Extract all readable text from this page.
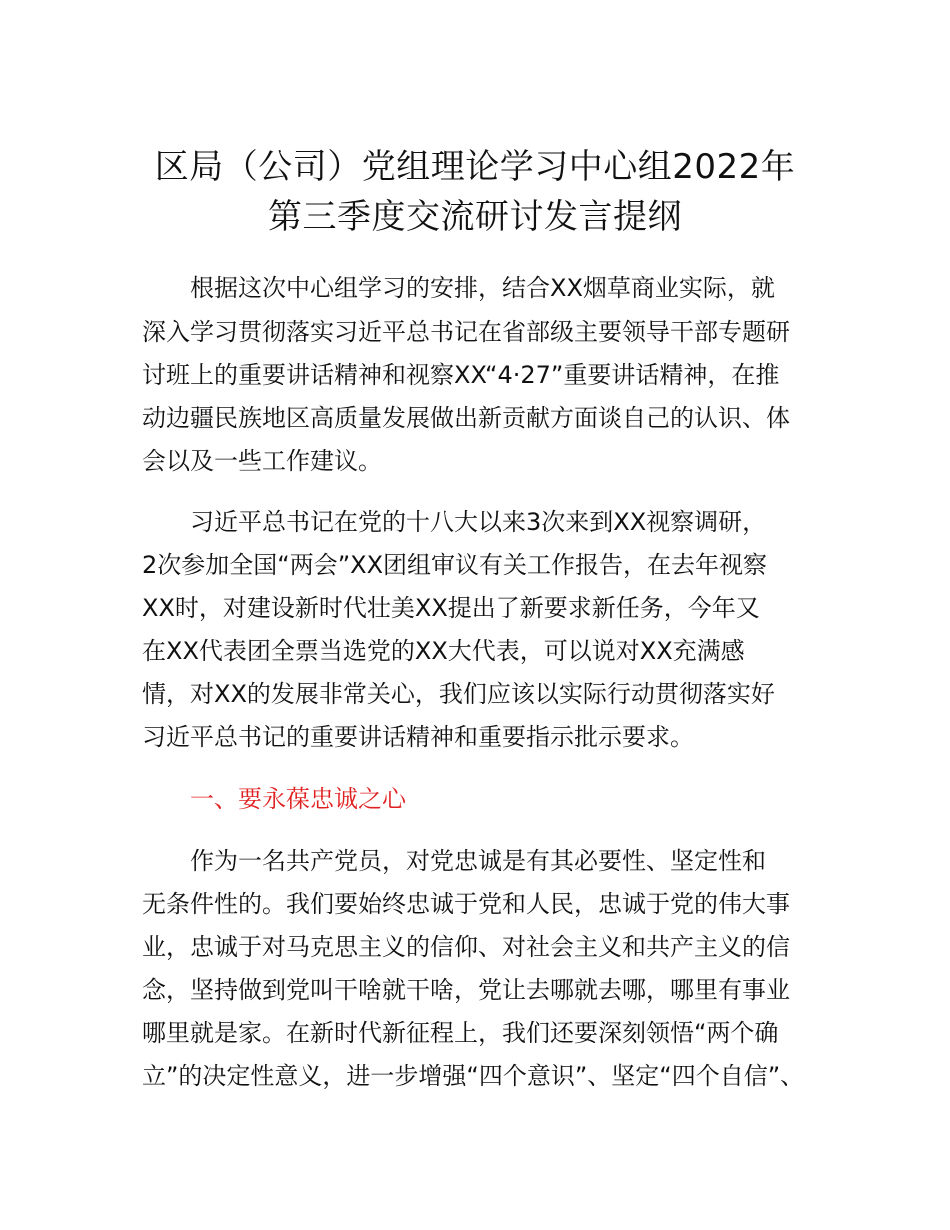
区局（公司）党组理论学习中心组2022年
第三季度交流研讨发言提纲
根据这次中心组学习的安排，结合XX烟草商业实际，就
深入学习贯彻落实习近平总书记在省部级主要领导干部专题研
讨班上的重要讲话精神和视察XX“4·27”重要讲话精神，在推
动边疆民族地区高质量发展做出新贡献方面谈自己的认识、体
会以及一些工作建议。
习近平总书记在党的十八大以来3次来到XX视察调研，
2次参加全国“两会”XX团组审议有关工作报告，在去年视察
XX时，对建设新时代壮美XX提出了新要求新任务，今年又
在XX代表团全票当选党的XX大代表，可以说对XX充满感
情，对XX的发展非常关心，我们应该以实际行动贯彻落实好
习近平总书记的重要讲话精神和重要指示批示要求。
一、要永葆忠诚之心
作为一名共产党员，对党忠诚是有其必要性、坚定性和
无条件性的。我们要始终忠诚于党和人民，忠诚于党的伟大事
业，忠诚于对马克思主义的信仰、对社会主义和共产主义的信
念，坚持做到党叫干啥就干啥，党让去哪就去哪，哪里有事业
哪里就是家。在新时代新征程上，我们还要深刻领悟“两个确
立”的决定性意义，进一步增强“四个意识”、坚定“四个自信”、
